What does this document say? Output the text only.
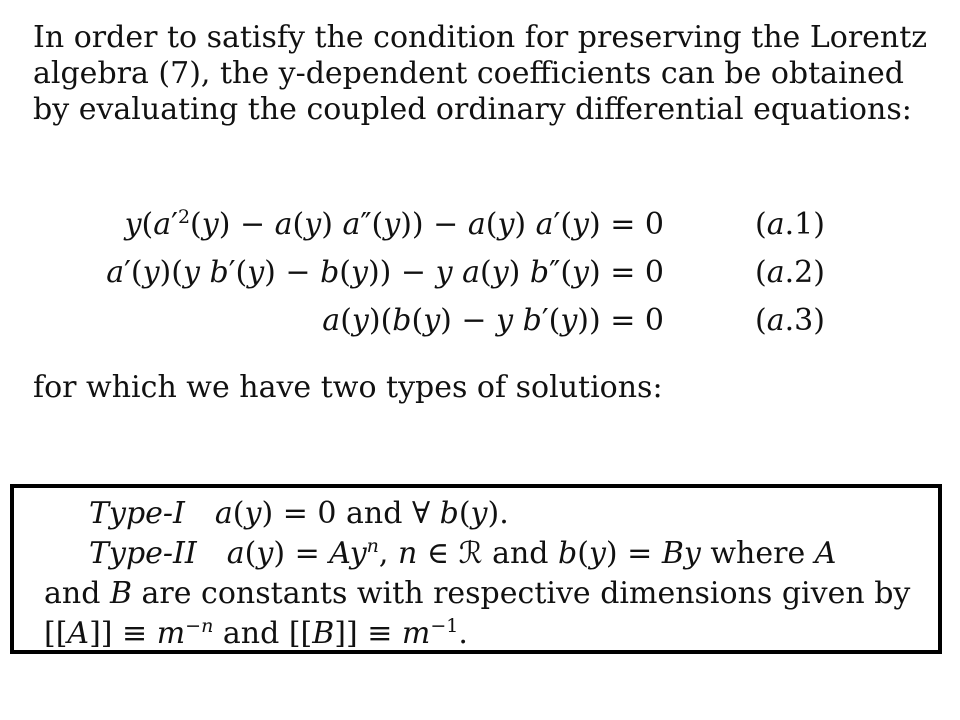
In order to satisfy the condition for preserving the Lorentz algebra (7), the y-dependent coefficients can be obtained by evaluating the coupled ordinary differential equations:
$y(a'^2(y) - a(y) a''(y)) - a(y) a'(y) = 0$	(a.1)
a′(y)(y b′(y) − b(y)) − y a(y) b″(y) = 0	(a.2)
a(y)(b(y) − y b′(y)) = 0	(a.3)
for which we have two types of solutions:
Type-I a(y) = 0 and ∀ b(y).
Type-II $a(y) = Ay^n$, n ∈ ℛ and b(y) = By where A
and B are constants with respective dimensions given by
$[[A]] \equiv m^{-n}$ and $[[B]] \equiv m^{-1}$.
